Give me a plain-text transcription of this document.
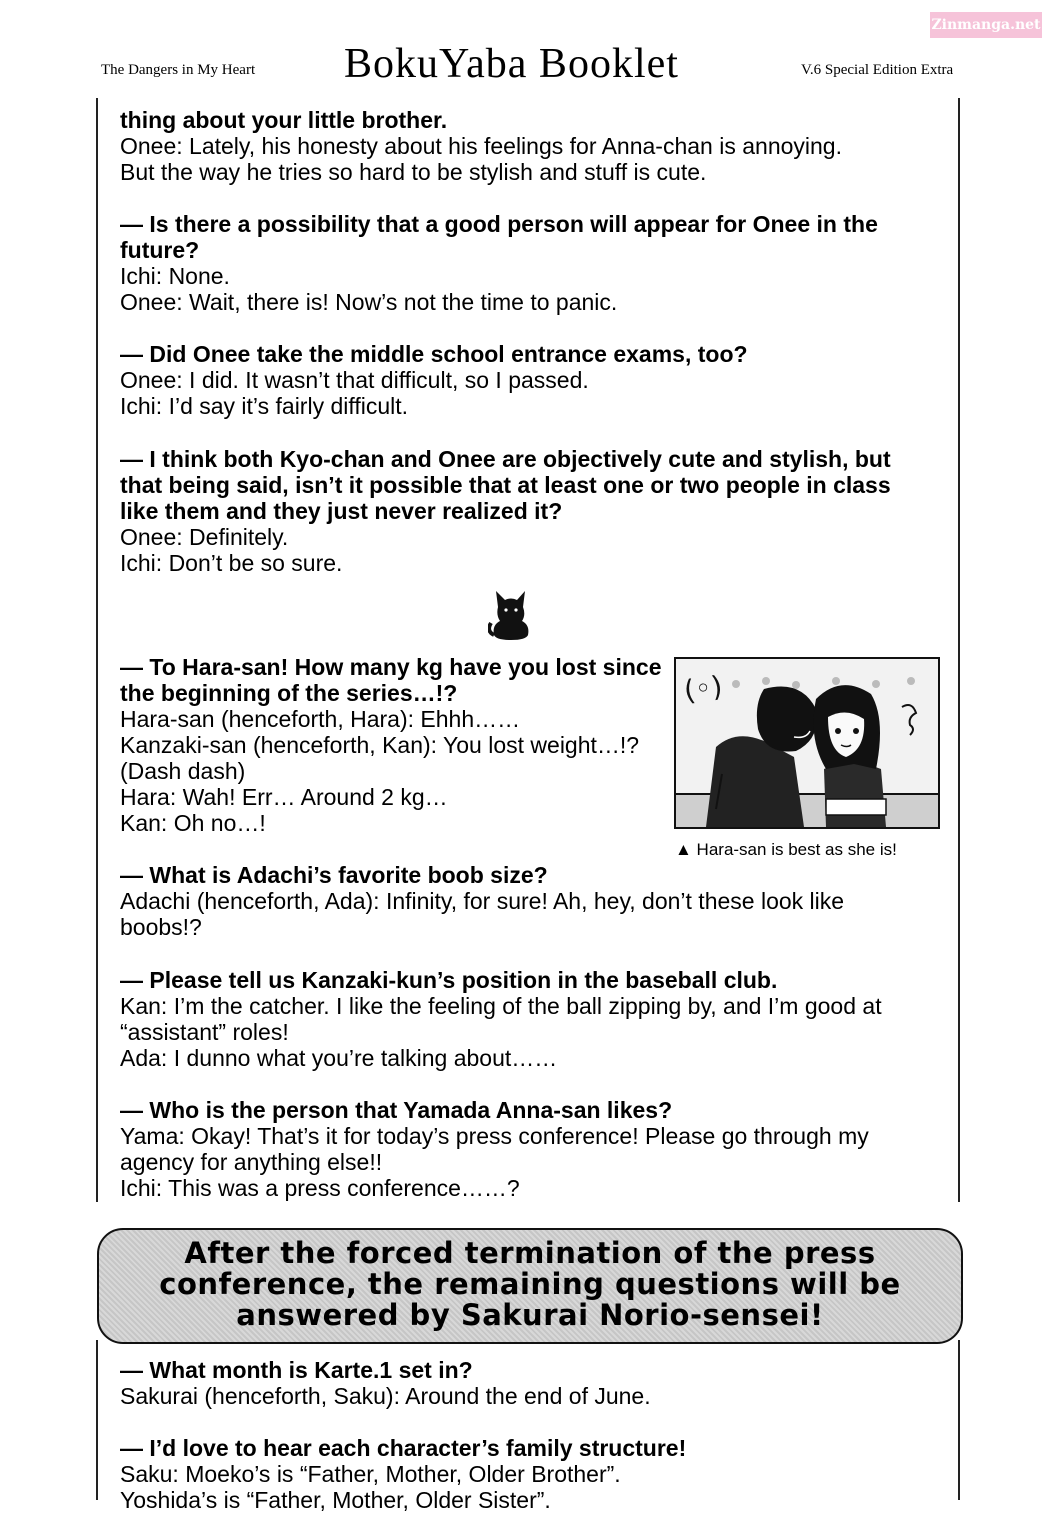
Zinmanga.net
The Dangers in My Heart BokuYaba Booklet	V.6 Special Edition Extra
thing about your little brother.
Onee: Lately, his honesty about his feelings for Anna-chan is annoying.
But the way he tries so hard to be stylish and stuff is cute.
— Is there a possibility that a good person will appear for Onee in the future?
Ichi: None.
Onee: Wait, there is! Now’s not the time to panic.
— Did Onee take the middle school entrance exams, too?
Onee: I did. It wasn’t that difficult, so I passed.
Ichi: I’d say it’s fairly difficult.
— I think both Kyo-chan and Onee are objectively cute and stylish, but that being said, isn’t it possible that at least one or two people in class like them and they just never realized it?
Onee: Definitely.
Ichi: Don’t be so sure.
— To Hara-san! How many kg have you lost since the beginning of the series…!?
Hara-san (henceforth, Hara): Ehhh……
Kanzaki-san (henceforth, Kan): You lost weight…!? (Dash dash)
Hara: Wah! Err… Around 2 kg…
Kan: Oh no…!
(◦)
▲ Hara-san is best as she is!
— What is Adachi’s favorite boob size?
Adachi (henceforth, Ada): Infinity, for sure! Ah, hey, don’t these look like boobs!?
— Please tell us Kanzaki-kun’s position in the baseball club.
Kan: I’m the catcher. I like the feeling of the ball zipping by, and I’m good at “assistant” roles!
Ada: I dunno what you’re talking about……
— Who is the person that Yamada Anna-san likes?
Yama: Okay! That’s it for today’s press conference! Please go through my agency for anything else!!
Ichi: This was a press conference……?
After the forced termination of the press
conference, the remaining questions will be
answered by Sakurai Norio-sensei!
— What month is Karte.1 set in?
Sakurai (henceforth, Saku): Around the end of June.
— I’d love to hear each character’s family structure!
Saku: Moeko’s is “Father, Mother, Older Brother”.
Yoshida’s is “Father, Mother, Older Sister”.
